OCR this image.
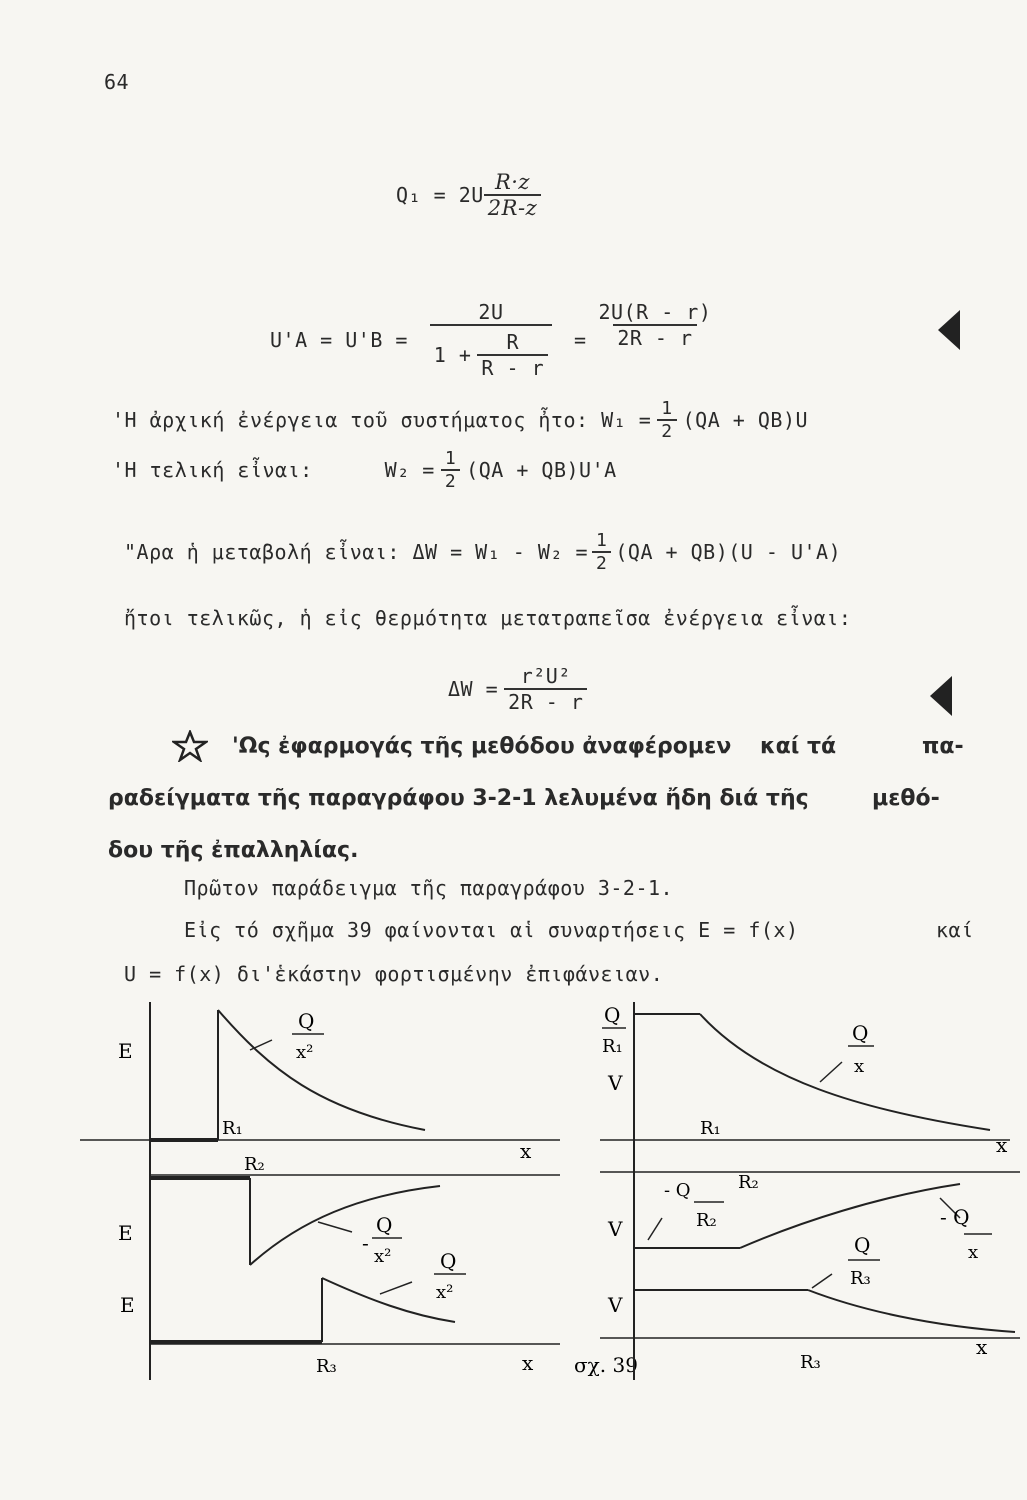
64
$Q_1 = 2U \frac{R\cdot z}{2R-z}$
$U'A = U'B = \frac{2U}{1 + \frac{R}{R - r}} = \frac{2U(R - r)}{2R - r}$
'Η ἀρχική ἐνέργεια τοῦ συστήματος ἦτο: $W_1 = \frac{1}{2} (QA + QB)U$
'Η τελική εἶναι:	$W_2 = \frac{1}{2} (QA + QB)U'A$
"Αρα ἡ μεταβολή εἶναι: $\Delta W = W_1 - W_2 = \frac{1}{2} (QA + QB)(U - U'A)$
ἤτοι τελικῶς, ἡ εἰς θερμότητα μετατραπεῖσα ἐνέργεια εἶναι:
$\Delta W = \frac{\text{r²U²}}{2R - r}$
'Ως ἐφαρμογάς τῆς μεθόδου ἀναφέρομεν καί τά	πα-
ραδείγματα τῆς παραγράφου 3-2-1 λελυμένα ἤδη διά τῆς	μεθό-
δου τῆς ἐπαλληλίας.
Πρῶτον παράδειγμα τῆς παραγράφου 3-2-1.
Εἰς τό σχῆμα 39 φαίνονται αἱ συναρτήσεις E = f(x)	καί
U = f(x) δι'ἑκάστην φορτισμένην ἐπιφάνειαν.
E
E
E
R₁
R₂
R₃
x
x
Q
x²
-
Q
x² Q
x²
σχ. 39
Q
R₁
V
Q
x
R₁
x
V
- Q
R₂
R₂
- Q
x
Q
R₃
V
R₃
x
